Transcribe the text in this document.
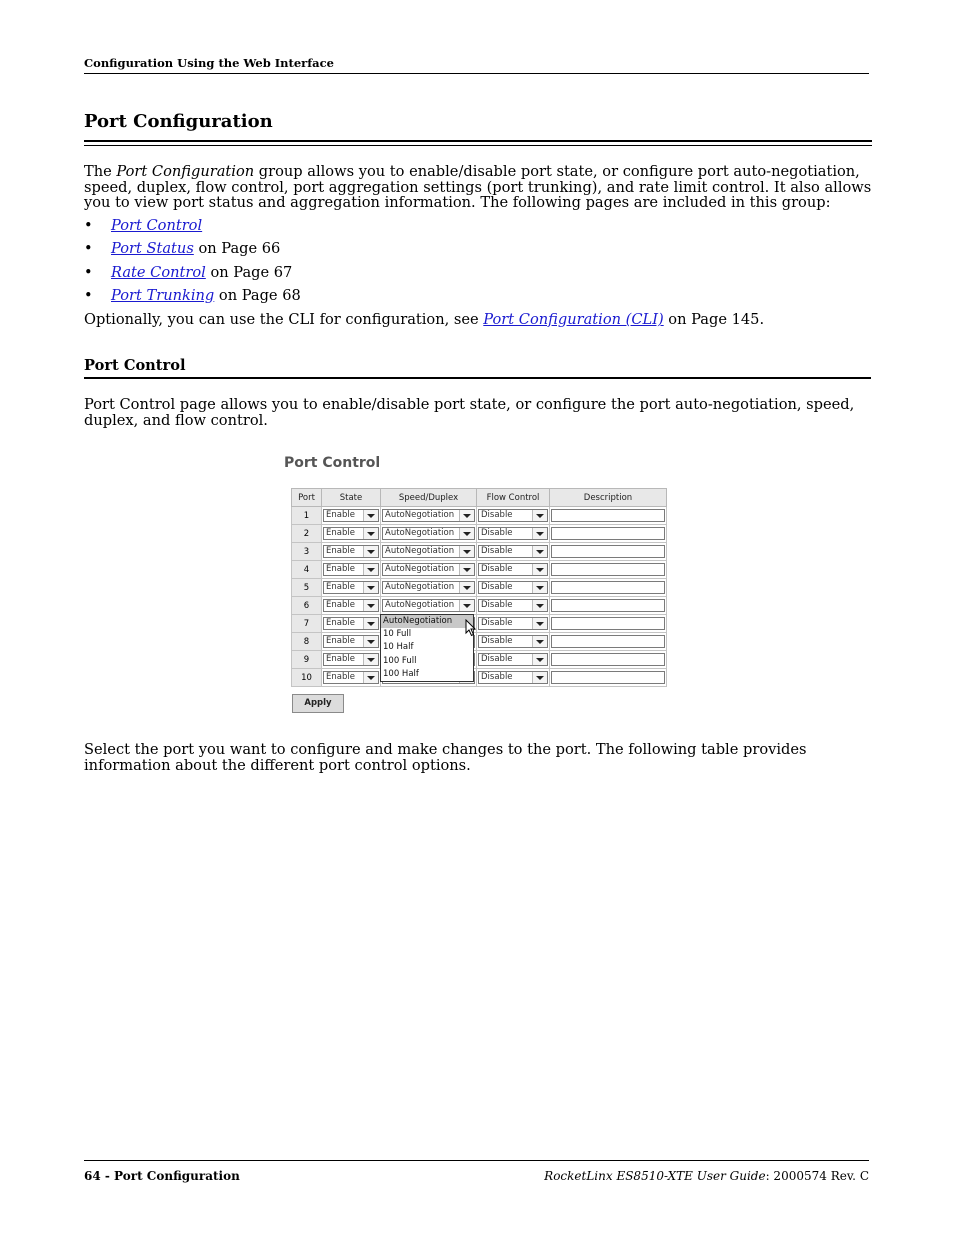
Configuration Using the Web Interface
Port Configuration
The Port Configuration group allows you to enable/disable port state, or configure port auto-negotiation, speed, duplex, flow control, port aggregation settings (port trunking), and rate limit control. It also allows you to view port status and aggregation information. The following pages are included in this group:
• Port Control
• Port Status on Page 66
• Rate Control on Page 67
• Port Trunking on Page 68
Optionally, you can use the CLI for configuration, see Port Configuration (CLI) on Page 145.
Port Control
Port Control page allows you to enable/disable port state, or configure the port auto-negotiation, speed, duplex, and flow control.
Port Control
Port	State	Speed/Duplex	Flow Control	Description
1	Enable	AutoNegotiation	Disable	

2	Enable	AutoNegotiation	Disable	

3	Enable	AutoNegotiation	Disable	

4	Enable	AutoNegotiation	Disable	

5	Enable	AutoNegotiation	Disable	

6	Enable	AutoNegotiation	Disable	

7	Enable		Disable	

8	Enable		Disable	

9	Enable		Disable	

10	Enable		Disable	

AutoNegotiation
10 Full
10 Half
100 Full
100 Half
Apply
Select the port you want to configure and make changes to the port. The following table provides information about the different port control options.
64 - Port Configuration	RocketLinx ES8510-XTE User Guide: 2000574 Rev. C
